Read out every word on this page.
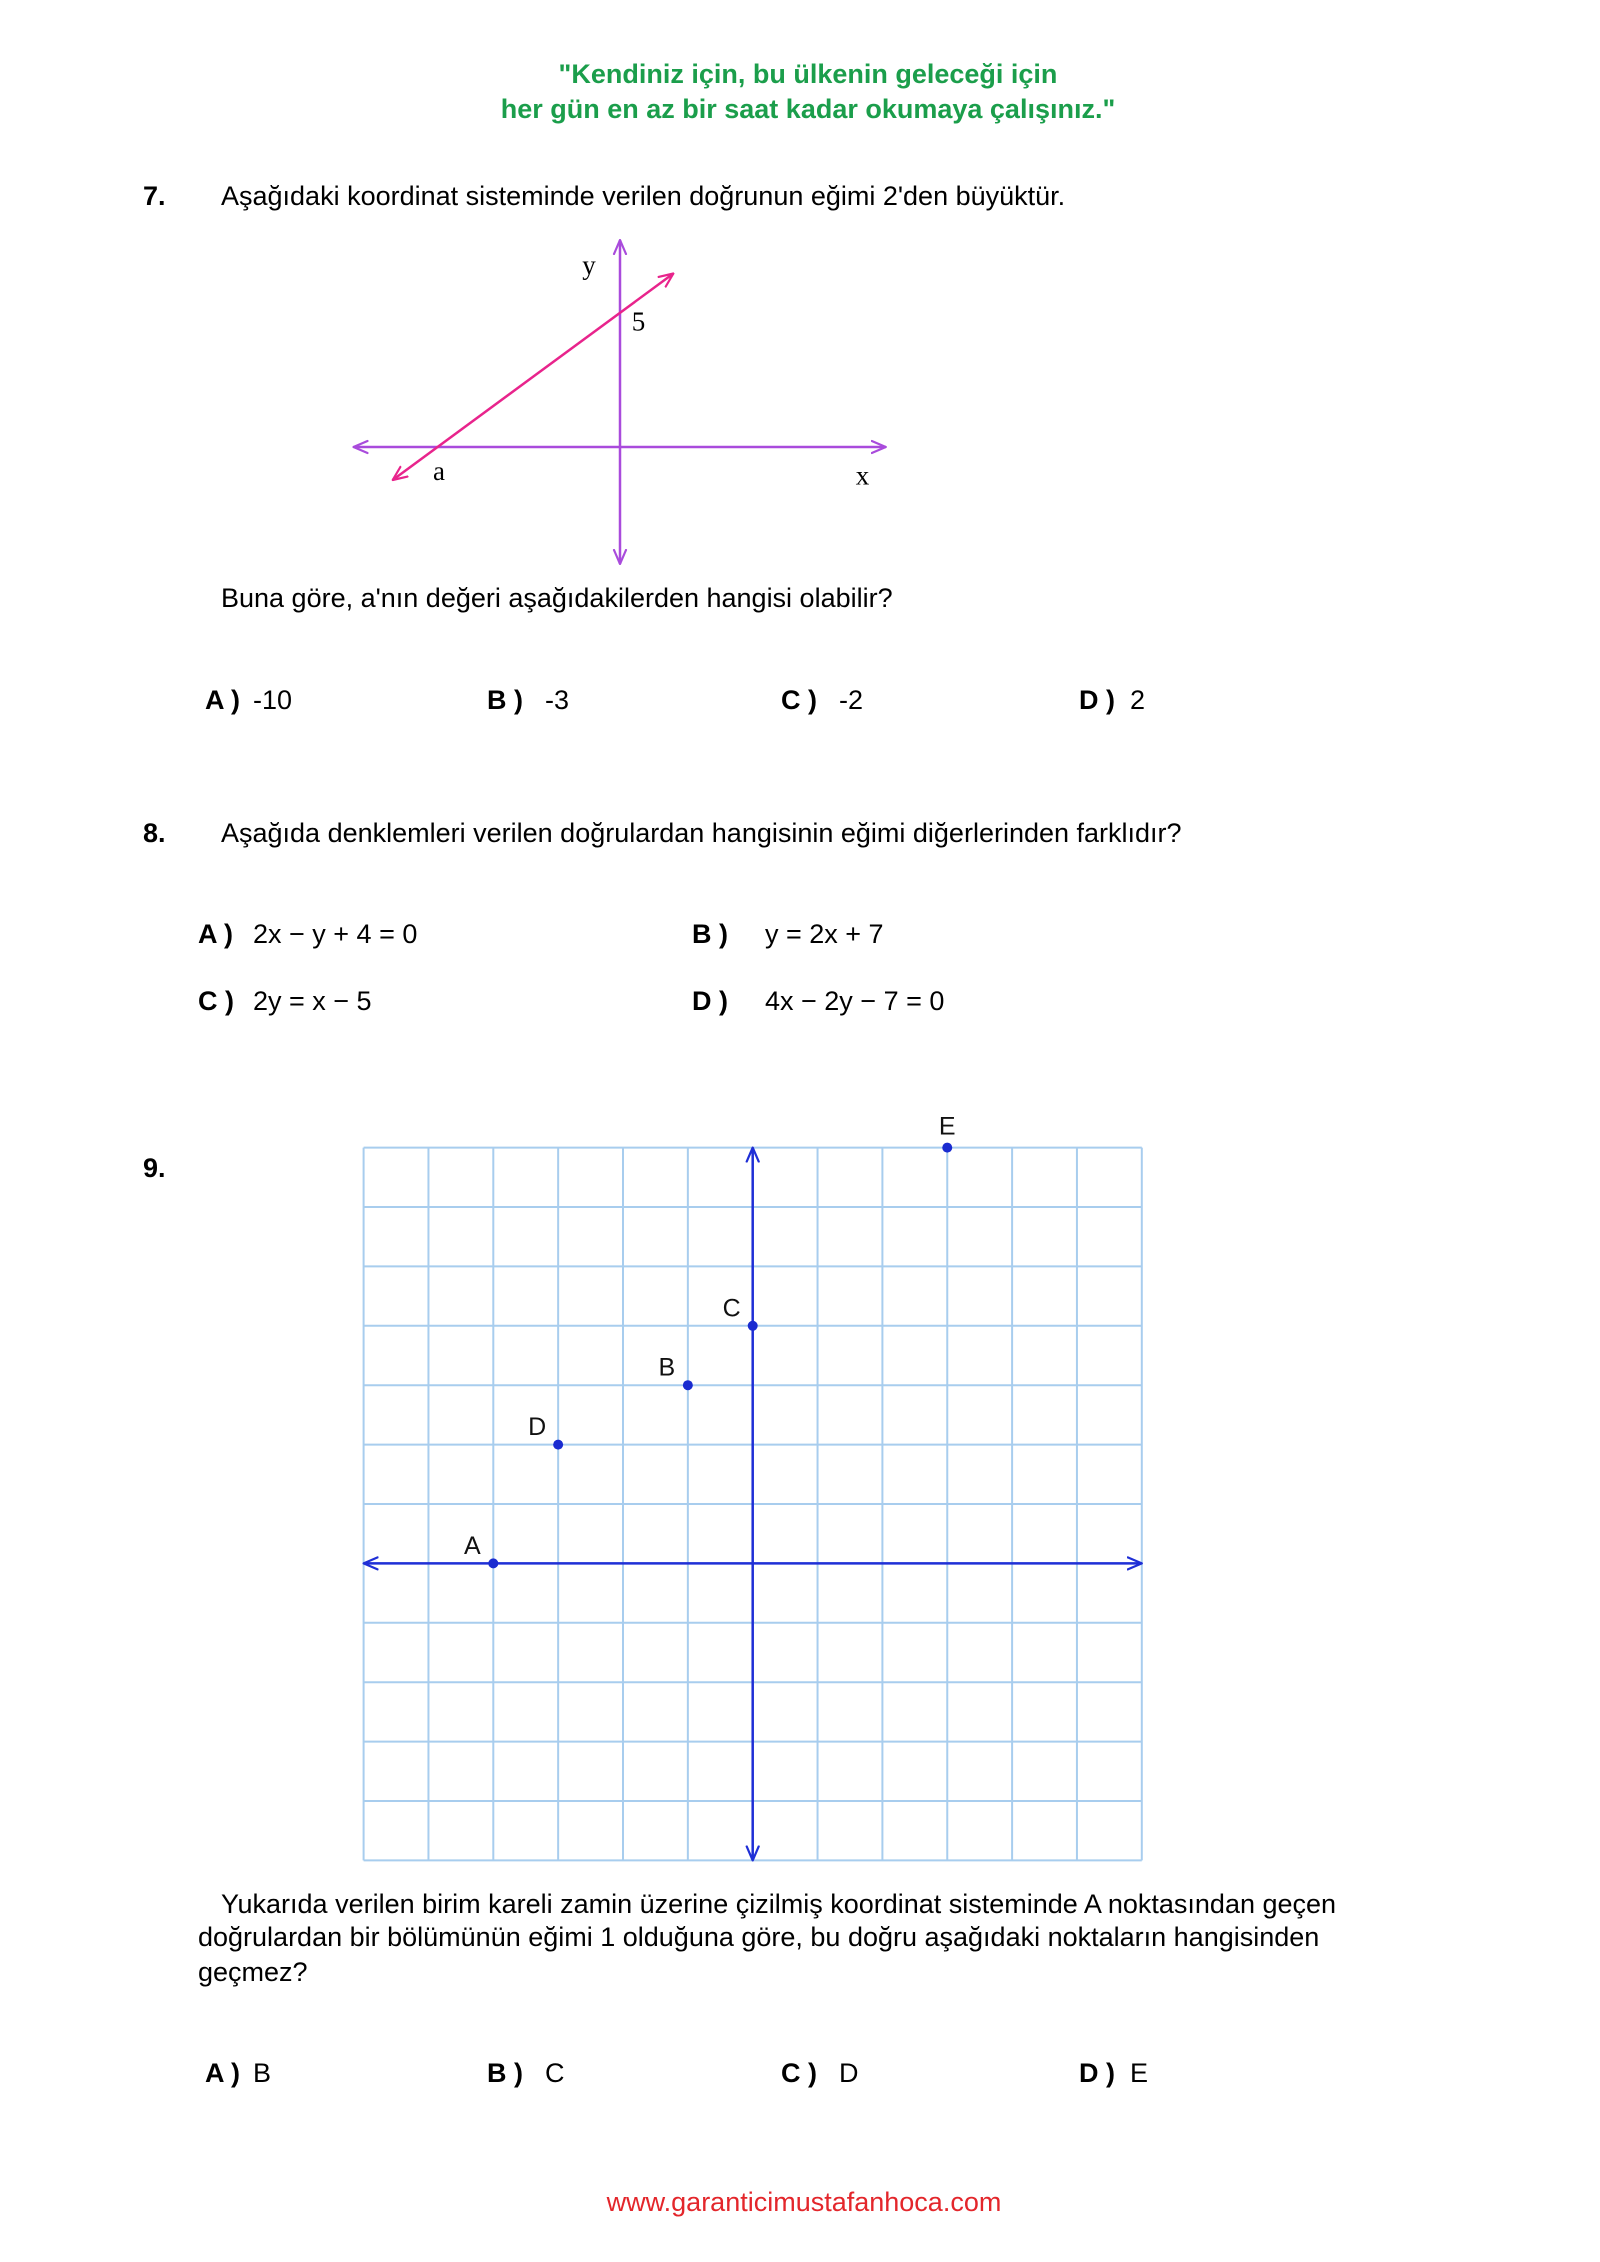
"Kendiniz için, bu ülkenin geleceği için
her gün en az bir saat kadar okumaya çalışınız."
7. Aşağıdaki koordinat sisteminde verilen doğrunun eğimi 2'den büyüktür.
y
5
a	x
Buna göre, a'nın değeri aşağıdakilerden hangisi olabilir?
A ) -10	B ) -3	C ) -2	D ) 2
8. Aşağıda denklemleri verilen doğrulardan hangisinin eğimi diğerlerinden farklıdır?
A ) 2x − y + 4 = 0	B ) y = 2x + 7
C ) 2y = x − 5	D ) 4x − 2y − 7 = 0
9.
A
D
B
C
E
Yukarıda verilen birim kareli zamin üzerine çizilmiş koordinat sisteminde A noktasından geçen
doğrulardan bir bölümünün eğimi 1 olduğuna göre, bu doğru aşağıdaki noktaların hangisinden
geçmez?
A ) B	B ) C	C ) D	D ) E
www.garanticimustafanhoca.com
